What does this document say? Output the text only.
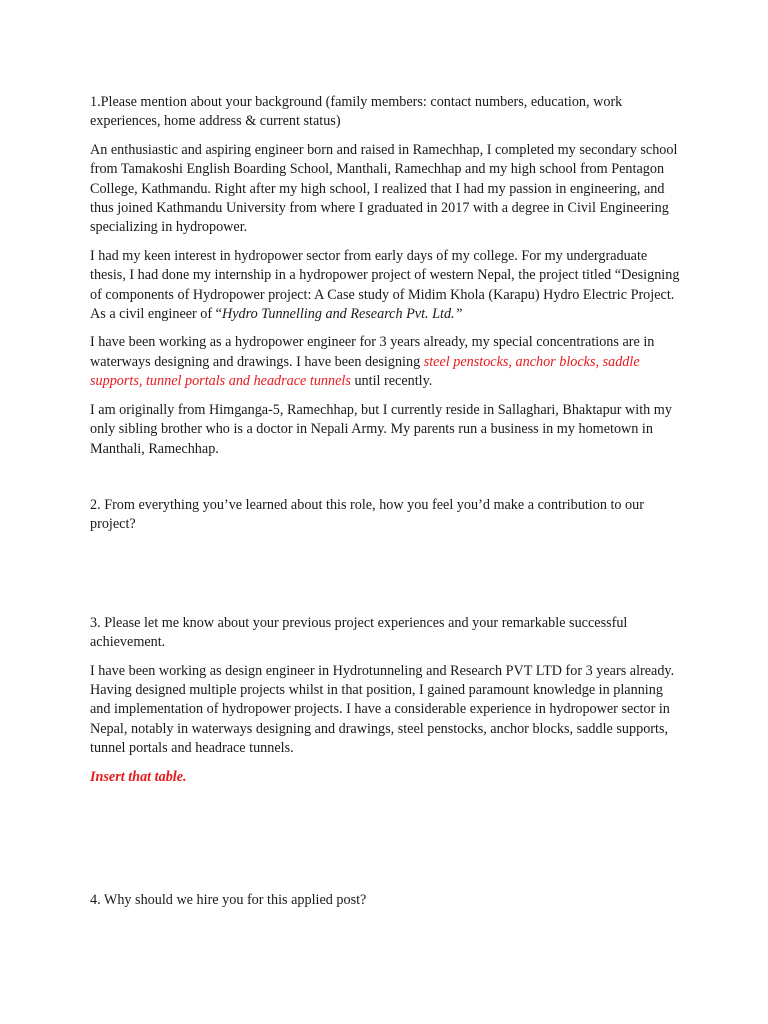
1.Please mention about your background (family members: contact numbers, education, work experiences, home address & current status)

An enthusiastic and aspiring engineer born and raised in Ramechhap, I completed my secondary school from Tamakoshi English Boarding School, Manthali, Ramechhap and my high school from Pentagon College, Kathmandu. Right after my high school, I realized that I had my passion in engineering, and thus joined Kathmandu University from where I graduated in 2017 with a degree in Civil Engineering specializing in hydropower.

I had my keen interest in hydropower sector from early days of my college. For my undergraduate thesis, I had done my internship in a hydropower project of western Nepal, the project titled “Designing of components of Hydropower project: A Case study of Midim Khola (Karapu) Hydro Electric Project. As a civil engineer of “Hydro Tunnelling and Research Pvt. Ltd.”

I have been working as a hydropower engineer for 3 years already, my special concentrations are in waterways designing and drawings. I have been designing steel penstocks, anchor blocks, saddle supports, tunnel portals and headrace tunnels until recently.

I am originally from Himganga-5, Ramechhap, but I currently reside in Sallaghari, Bhaktapur with my only sibling brother who is a doctor in Nepali Army. My parents run a business in my hometown in Manthali, Ramechhap.

2. From everything you’ve learned about this role, how you feel you’d make a contribution to our project?

3. Please let me know about your previous project experiences and your remarkable successful achievement.

I have been working as design engineer in Hydrotunneling and Research PVT LTD for 3 years already. Having designed multiple projects whilst in that position, I gained paramount knowledge in planning and implementation of hydropower projects. I have a considerable experience in hydropower sector in Nepal, notably in waterways designing and drawings, steel penstocks, anchor blocks, saddle supports, tunnel portals and headrace tunnels.

Insert that table.

4. Why should we hire you for this applied post?
